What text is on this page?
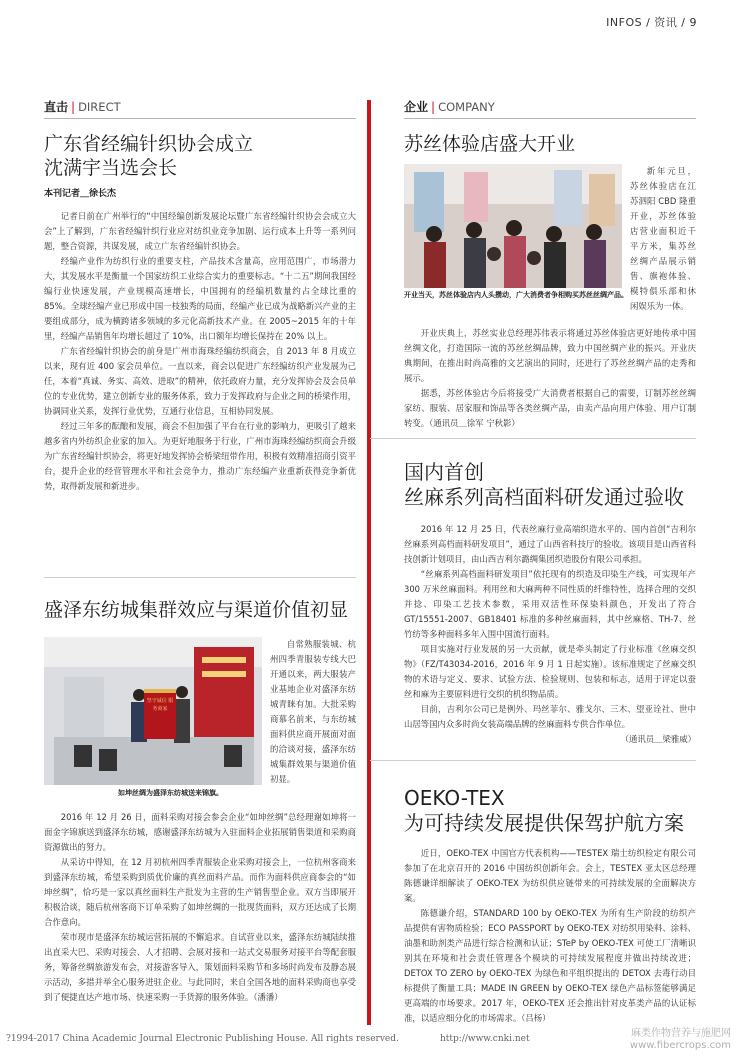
INFOS / 资讯 / 9
直击 | DIRECT
广东省经编针织协会成立
沈满宇当选会长
本刊记者＿徐长杰

记者日前在广州举行的“中国经编创新发展论坛暨广东省经编针织协会会成立大会”上了解到，广东省经编针织行业应对纺织业竞争加剧、运行成本上升等一系列问题，整合资源，共谋发展，成立广东省经编针织协会。

经编产业作为纺织行业的重要支柱，产品技术含量高，应用范围广，市场潜力大，其发展水平是衡量一个国家纺织工业综合实力的重要标志。“十二五”期间我国经编行业快速发展，产业规模高速增长，中国拥有的经编机数量约占全球比重的 85%。全球经编产业已形成中国一枝独秀的局面，经编产业已成为战略新兴产业的主要组成部分，成为横跨诸多领域的多元化高新技术产业。在 2005~2015 年的十年里，经编产品销售年均增长超过了 10%，出口额年均增长保持在 20% 以上。

广东省经编针织协会的前身是广州市海珠经编纺织商会，自 2013 年 8 月成立以来，现有近 400 家会员单位。一直以来，商会以促进广东经编纺织产业发展为己任，本着“真诚、务实、高效、进取”的精神，依托政府力量，充分发挥协会及会员单位的专业优势，建立创新专业的服务体系，致力于发挥政府与企业之间的桥梁作用，协调同业关系，发挥行业优势，互通行业信息，互相协同发展。

经过三年多的酝酿和发展，商会不但加强了平台在行业的影响力，更吸引了越来越多省内外纺织企业家的加入。为更好地服务于行业，广州市海珠经编纺织商会升级为广东省经编针织协会，将更好地发挥协会桥梁纽带作用，积极有效精准招商引资平台，提升企业的经营管理水平和社会竞争力，推动广东经编产业重新获得竞争新优势，取得新发展和新进步。

盛泽东纺城集群效应与渠道价值初显
坚守诚信 服务商家
如坤丝绸为盛泽东纺城送来锦旗。

自常熟服装城、杭州四季青服装专线大巴开通以来，两大服装产业基地企业对盛泽东纺城青睐有加。大批采购商慕名前来，与东纺城面料供应商开展面对面的洽谈对接，盛泽东纺城集群效果与渠道价值初显。

2016 年 12 月 26 日，面料采购对接会参会企业“如坤丝绸”总经理谢如坤将一面金字锦旗送到盛泽东纺城，感谢盛泽东纺城为入驻面料企业拓展销售渠道和采购商资源做出的努力。

从采访中得知，在 12 月初杭州四季青服装企业采购对接会上，一位杭州客商来到盛泽东纺城，希望采购到质优价廉的真丝面料产品。而作为面料供应商参会的“如坤丝绸”，恰巧是一家以真丝面料生产批发为主营的生产销售型企业。双方当即展开积极洽谈，随后杭州客商下订单采购了如坤丝绸的一批现货面料，双方还达成了长期合作意向。

荣市现市是盛泽东纺城运营拓展的不懈追求。自试营业以来，盛泽东纺城陆续推出直采大巴、采购对接会、人才招聘、会展对接和一站式交易服务对接平台等配套服务，筹备丝绸旅游发布会，对接游客导入，策划面料采购节和多场时尚发布及静态展示活动，多措并举全心服务进驻企业。与此同时，来自全国各地的面料采购商也享受到了便捷直达产地市场、快速采购一手货源的服务体验。（潘潘）

企业 | COMPANY
苏丝体验店盛大开业
开业当天，苏丝体验店内人头攒动，广大消费者争相购买苏丝丝绸产品。

新年元旦，苏丝体验店在江苏泗阳 CBD 隆重开业，苏丝体验店营业面积近千平方米，集苏丝丝绸产品展示销售、旗袍体验、模特俱乐部和休闲娱乐为一体。

开业庆典上，苏丝实业总经理苏伟表示将通过苏丝体验店更好地传承中国丝绸文化，打造国际一流的苏丝丝绸品牌，致力中国丝绸产业的振兴。开业庆典期间，在推出时尚高雅的文艺演出的同时，还进行了苏丝丝绸产品的走秀和展示。

据悉，苏丝体验店今后将接受广大消费者根据自己的需要，订制苏丝丝绸家纺、服装、居家服和饰品等各类丝绸产品，由卖产品向用户体验、用户订制转变。（通讯员＿徐军 宁秋影）

国内首创
丝麻系列高档面料研发通过验收

2016 年 12 月 25 日，代表丝麻行业高端织造水平的、国内首创“吉利尔丝麻系列高档面料研发项目”，通过了山西省科技厅的验收。该项目是山西省科技创新计划项目，由山西吉利尔潞绸集团织造股份有限公司承担。

“丝麻系列高档面料研发项目”依托现有的织造及印染生产线，可实现年产 300 万米丝麻面料。利用丝和大麻两种不同性质的纤维特性，选择合理的交织并捻、印染工艺技术参数，采用双活性环保染料颜色，开发出了符合 GT/15551-2007、GB18401 标准的多种丝麻面料，其中丝麻格、TH-7、丝竹纺等多种面料多年入围中国流行面料。

项目实施对行业发展的另一大贡献，就是牵头制定了行业标准《丝麻交织物》（FZ/T43034-2016，2016 年 9 月 1 日起实施）。该标准规定了丝麻交织物的术语与定义、要求、试验方法、检验规则、包装和标志，适用于评定以蚕丝和麻为主要原料进行交织的机织物品质。

目前，吉利尔公司已是例外、玛丝菲尔、雅戈尔、三木、望亚诠社、世中山居等国内众多时尚女装高端品牌的丝麻面料专供合作单位。

（通讯员＿梁雅威）
OEKO-TEX
为可持续发展提供保驾护航方案

近日，OEKO-TEX 中国官方代表机构——TESTEX 瑞士纺织检定有限公司参加了在北京召开的 2016 中国纺织创新年会。会上，TESTEX 亚太区总经理陈德谦详细解读了 OEKO-TEX 为纺织供应链带来的可持续发展的全面解决方案。

陈德谦介绍，STANDARD 100 by OEKO-TEX 为所有生产阶段的纺织产品提供有害物质检验；ECO PASSPORT by OEKO-TEX 对纺织用染料、涂料、油墨和助剂类产品进行综合检测和认证；STeP by OEKO-TEX 可使工厂清晰识别其在环境和社会责任管理各个模块的可持续发展程度并做出持续改进；DETOX TO ZERO by OEKO-TEX 为绿色和平组织提出的 DETOX 去毒行动目标提供了衡量工具；MADE IN GREEN by OEKO-TEX 绿色产品标签能够满足更高端的市场要求。2017 年，OEKO-TEX 还会推出针对皮革类产品的认证标准，以适应细分化的市场需求。（吕杨）

?1994-2017 China Academic Journal Electronic Publishing House. All rights reserved.	http://www.cnki.net	麻类作物营养与施肥网
www.fibercrops.com
